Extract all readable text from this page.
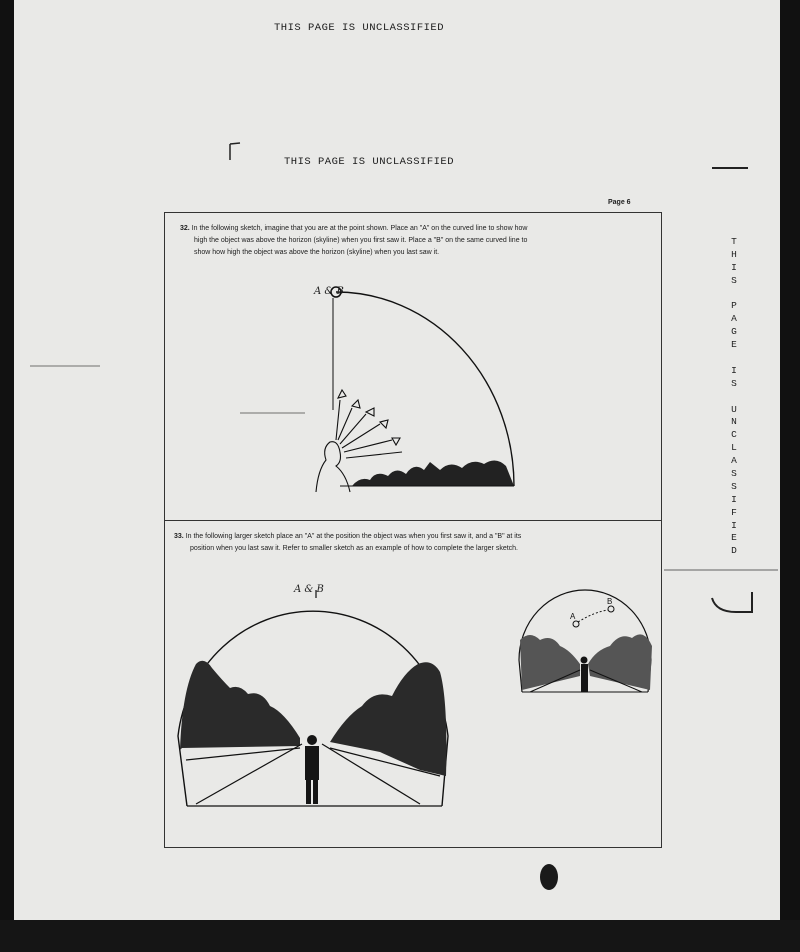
THIS PAGE IS UNCLASSIFIED
THIS PAGE IS UNCLASSIFIED
Page 6
32. In the following sketch, imagine that you are at the point shown. Place an "A" on the curved line to show how
high the object was above the horizon (skyline) when you first saw it. Place a "B" on the same curved line to
show how high the object was above the horizon (skyline) when you last saw it.
A & B
33. In the following larger sketch place an "A" at the position the object was when you first saw it, and a "B" at its
position when you last saw it. Refer to smaller sketch as an example of how to complete the larger sketch.
A & B
A
B
T
H
I
S
P
A
G
E
I
S
U
N
C
L
A
S
S
I
F
I
E
D
